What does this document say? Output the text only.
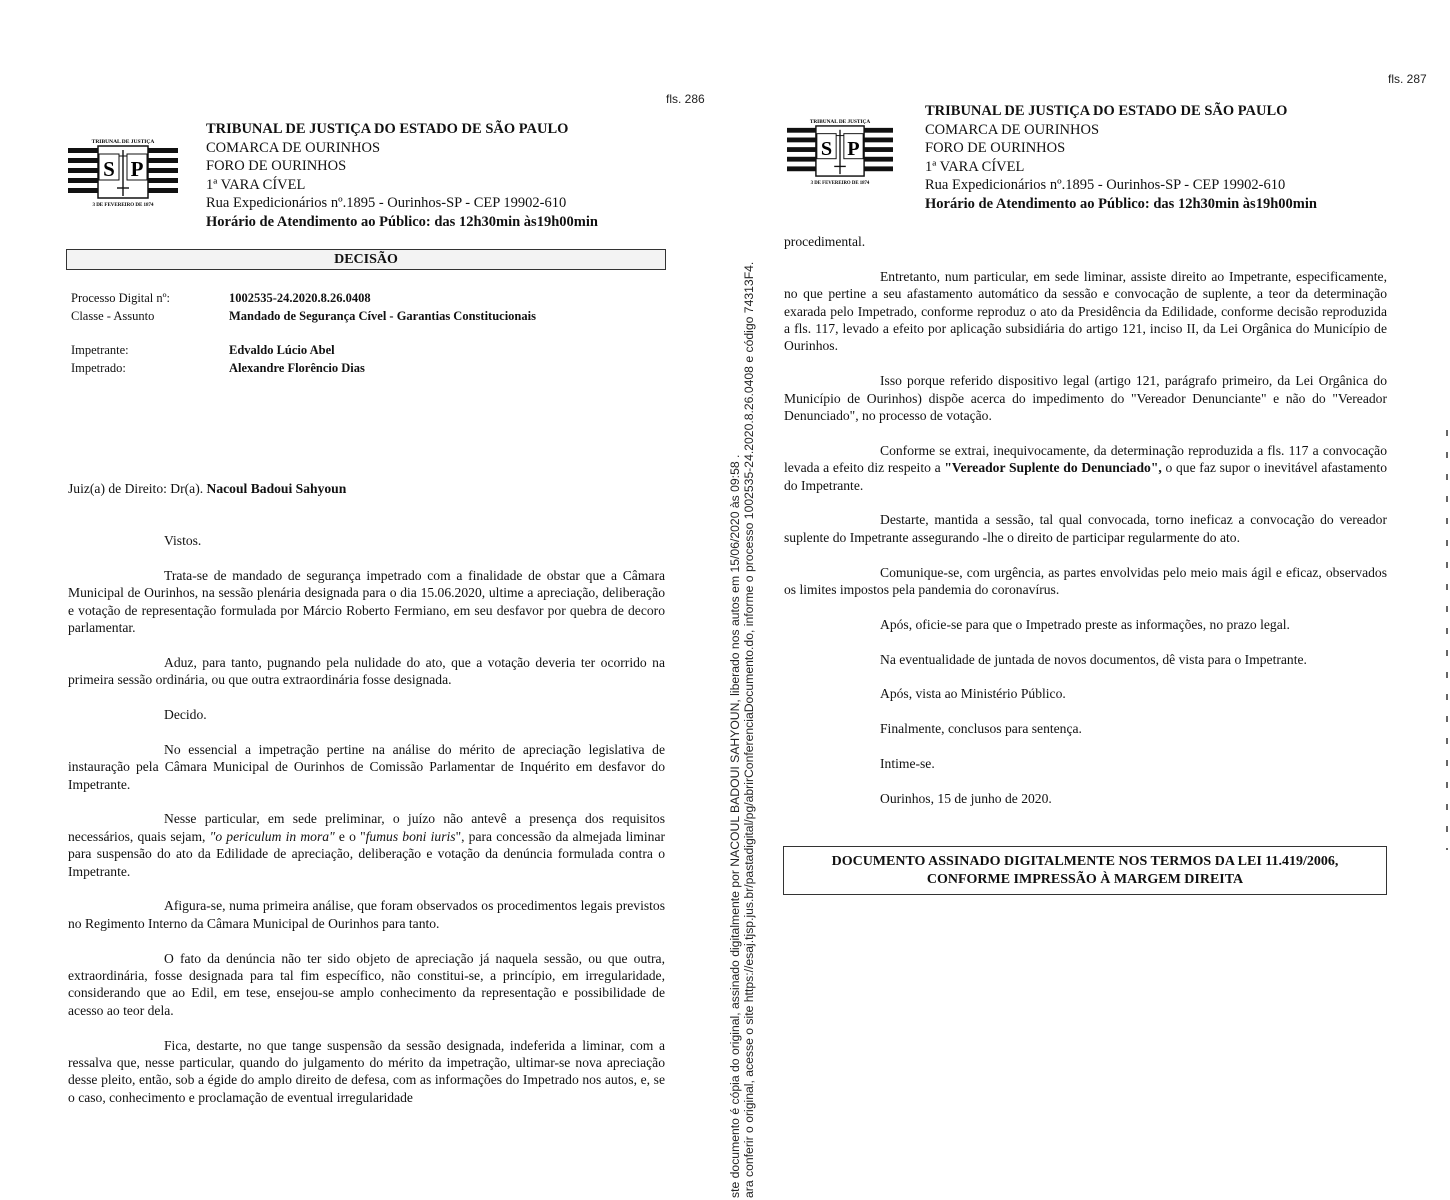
fls. 286
TRIBUNAL DE JUSTIÇA
S P
3 DE FEVEREIRO DE 1874
TRIBUNAL DE JUSTIÇA DO ESTADO DE SÃO PAULO
COMARCA DE OURINHOS
FORO DE OURINHOS
1ª VARA CÍVEL
Rua Expedicionários nº.1895 - Ourinhos-SP - CEP 19902-610
Horário de Atendimento ao Público: das 12h30min às19h00min
DECISÃO
Processo Digital nº:	1002535-24.2020.8.26.0408
Classe - Assunto	Mandado de Segurança Cível - Garantias Constitucionais
Impetrante:	Edvaldo Lúcio Abel
Impetrado:	Alexandre Florêncio Dias
Juiz(a) de Direito: Dr(a). Nacoul Badoui Sahyoun

Vistos.

Trata-se de mandado de segurança impetrado com a finalidade de obstar que a Câmara Municipal de Ourinhos, na sessão plenária designada para o dia 15.06.2020, ultime a apreciação, deliberação e votação de representação formulada por Márcio Roberto Fermiano, em seu desfavor por quebra de decoro parlamentar.

Aduz, para tanto, pugnando pela nulidade do ato, que a votação deveria ter ocorrido na primeira sessão ordinária, ou que outra extraordinária fosse designada.

Decido.

No essencial a impetração pertine na análise do mérito de apreciação legislativa de instauração pela Câmara Municipal de Ourinhos de Comissão Parlamentar de Inquérito em desfavor do Impetrante.

Nesse particular, em sede preliminar, o juízo não antevê a presença dos requisitos necessários, quais sejam, "o periculum in mora" e o "fumus boni iuris", para concessão da almejada liminar para suspensão do ato da Edilidade de apreciação, deliberação e votação da denúncia formulada contra o Impetrante.

Afigura-se, numa primeira análise, que foram observados os procedimentos legais previstos no Regimento Interno da Câmara Municipal de Ourinhos para tanto.

O fato da denúncia não ter sido objeto de apreciação já naquela sessão, ou que outra, extraordinária, fosse designada para tal fim específico, não constitui-se, a princípio, em irregularidade, considerando que ao Edil, em tese, ensejou-se amplo conhecimento da representação e possibilidade de acesso ao teor dela.

Fica, destarte, no que tange suspensão da sessão designada, indeferida a liminar, com a ressalva que, nesse particular, quando do julgamento do mérito da impetração, ultimar-se nova apreciação desse pleito, então, sob a égide do amplo direito de defesa, com as informações do Impetrado nos autos, e, se o caso, conhecimento e proclamação de eventual irregularidade	ste documento é cópia do original, assinado digitalmente por NACOUL BADOUI SAHYOUN, liberado nos autos em 15/06/2020 às 09:58 . ara conferir o original, acesse o site https://esaj.tjsp.jus.br/pastadigital/pg/abrirConferenciaDocumento.do, informe o processo 1002535-24.2020.8.26.0408 e código 74313F4.
fls. 287
TRIBUNAL DE JUSTIÇA
S P
3 DE FEVEREIRO DE 1874
TRIBUNAL DE JUSTIÇA DO ESTADO DE SÃO PAULO
COMARCA DE OURINHOS
FORO DE OURINHOS
1ª VARA CÍVEL
Rua Expedicionários nº.1895 - Ourinhos-SP - CEP 19902-610
Horário de Atendimento ao Público: das 12h30min às19h00min

procedimental.

Entretanto, num particular, em sede liminar, assiste direito ao Impetrante, especificamente, no que pertine a seu afastamento automático da sessão e convocação de suplente, a teor da determinação exarada pelo Impetrado, conforme reproduz o ato da Presidência da Edilidade, conforme decisão reproduzida a fls. 117, levado a efeito por aplicação subsidiária do artigo 121, inciso II, da Lei Orgânica do Município de Ourinhos.

Isso porque referido dispositivo legal (artigo 121, parágrafo primeiro, da Lei Orgânica do Município de Ourinhos) dispõe acerca do impedimento do "Vereador Denunciante" e não do "Vereador Denunciado", no processo de votação.

Conforme se extrai, inequivocamente, da determinação reproduzida a fls. 117 a convocação levada a efeito diz respeito a "Vereador Suplente do Denunciado", o que faz supor o inevitável afastamento do Impetrante.

Destarte, mantida a sessão, tal qual convocada, torno ineficaz a convocação do vereador suplente do Impetrante assegurando -lhe o direito de participar regularmente do ato.

Comunique-se, com urgência, as partes envolvidas pelo meio mais ágil e eficaz, observados os limites impostos pela pandemia do coronavírus.

Após, oficie-se para que o Impetrado preste as informações, no prazo legal.

Na eventualidade de juntada de novos documentos, dê vista para o Impetrante.

Após, vista ao Ministério Público.

Finalmente, conclusos para sentença.

Intime-se.

Ourinhos, 15 de junho de 2020.

DOCUMENTO ASSINADO DIGITALMENTE NOS TERMOS DA LEI 11.419/2006,
CONFORME IMPRESSÃO À MARGEM DIREITA
